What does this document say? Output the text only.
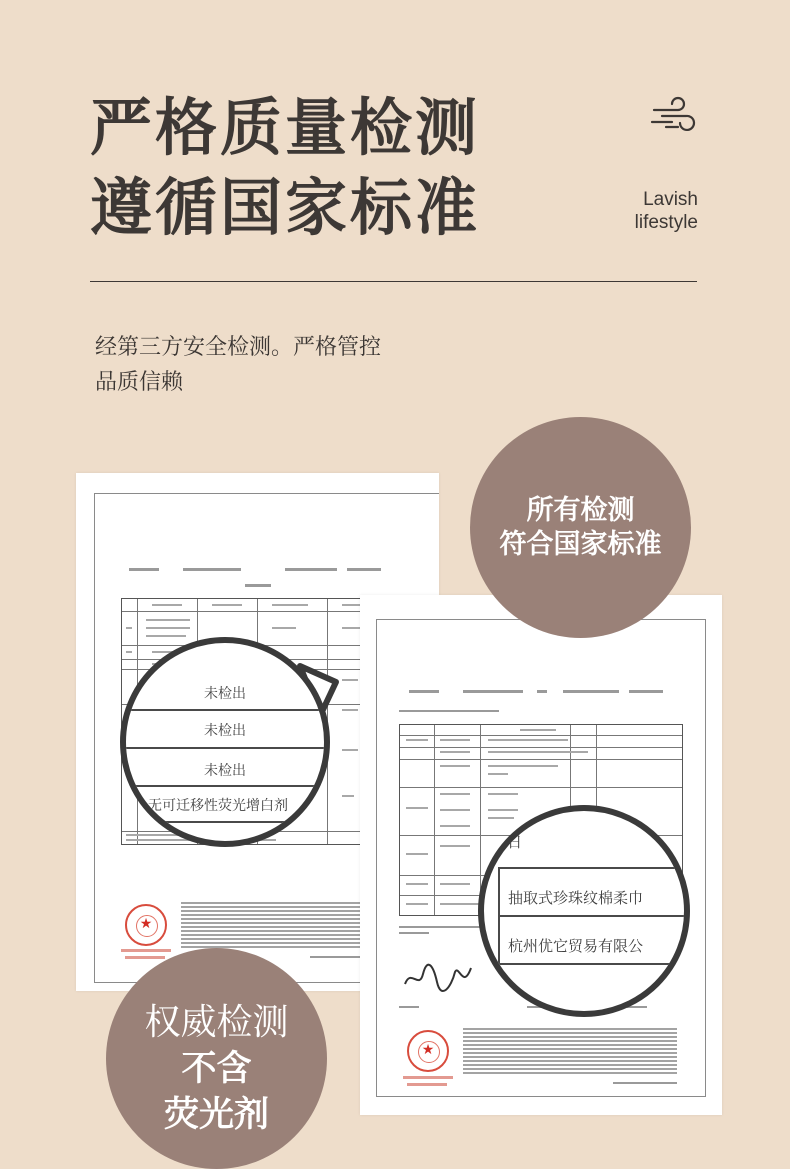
严格质量检测
遵循国家标准	Lavish
lifestyle
经第三方安全检测。严格管控
品质信赖
★
未检出
未检出
未检出
无可迁移性荧光增白剂
★
15日
抽取式珍珠纹棉柔巾
杭州优它贸易有限公
所有检测
符合国家标准
权威检测
不含
荧光剂
